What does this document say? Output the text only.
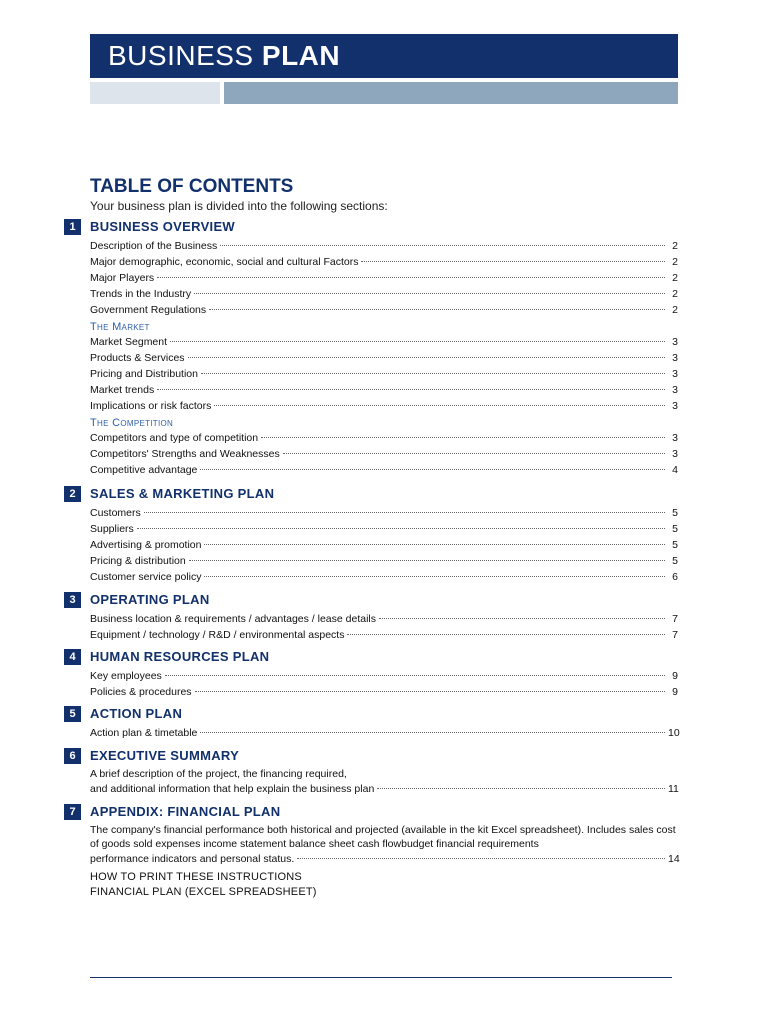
BUSINESS PLAN
TABLE OF CONTENTS
Your business plan is divided into the following sections:
1	BUSINESS OVERVIEW
Description of the Business	2
Major demographic, economic, social and cultural Factors	2
Major Players	2
Trends in the Industry	2
Government Regulations	2
The Market
Market Segment	3
Products & Services	3
Pricing and Distribution	3
Market trends	3
Implications or risk factors	3
The Competition
Competitors and type of competition	3
Competitors' Strengths and Weaknesses	3
Competitive advantage	4
2	SALES & MARKETING PLAN
Customers	5
Suppliers	5
Advertising & promotion	5
Pricing & distribution	5
Customer service policy	6
3	OPERATING PLAN
Business location & requirements / advantages / lease details	7
Equipment / technology / R&D / environmental aspects	7
4	HUMAN RESOURCES PLAN
Key employees	9
Policies & procedures	9
5	ACTION PLAN
Action plan & timetable	10
6	EXECUTIVE SUMMARY
A brief description of the project, the financing required,
and additional information that help explain the business plan	11
7	APPENDIX: FINANCIAL PLAN
The company's financial performance both historical and projected (available in the kit Excel spreadsheet). Includes sales cost of goods sold expenses income statement balance sheet cash flowbudget financial requirements
performance indicators and personal status.	14
HOW TO PRINT THESE INSTRUCTIONS
FINANCIAL PLAN (EXCEL SPREADSHEET)
